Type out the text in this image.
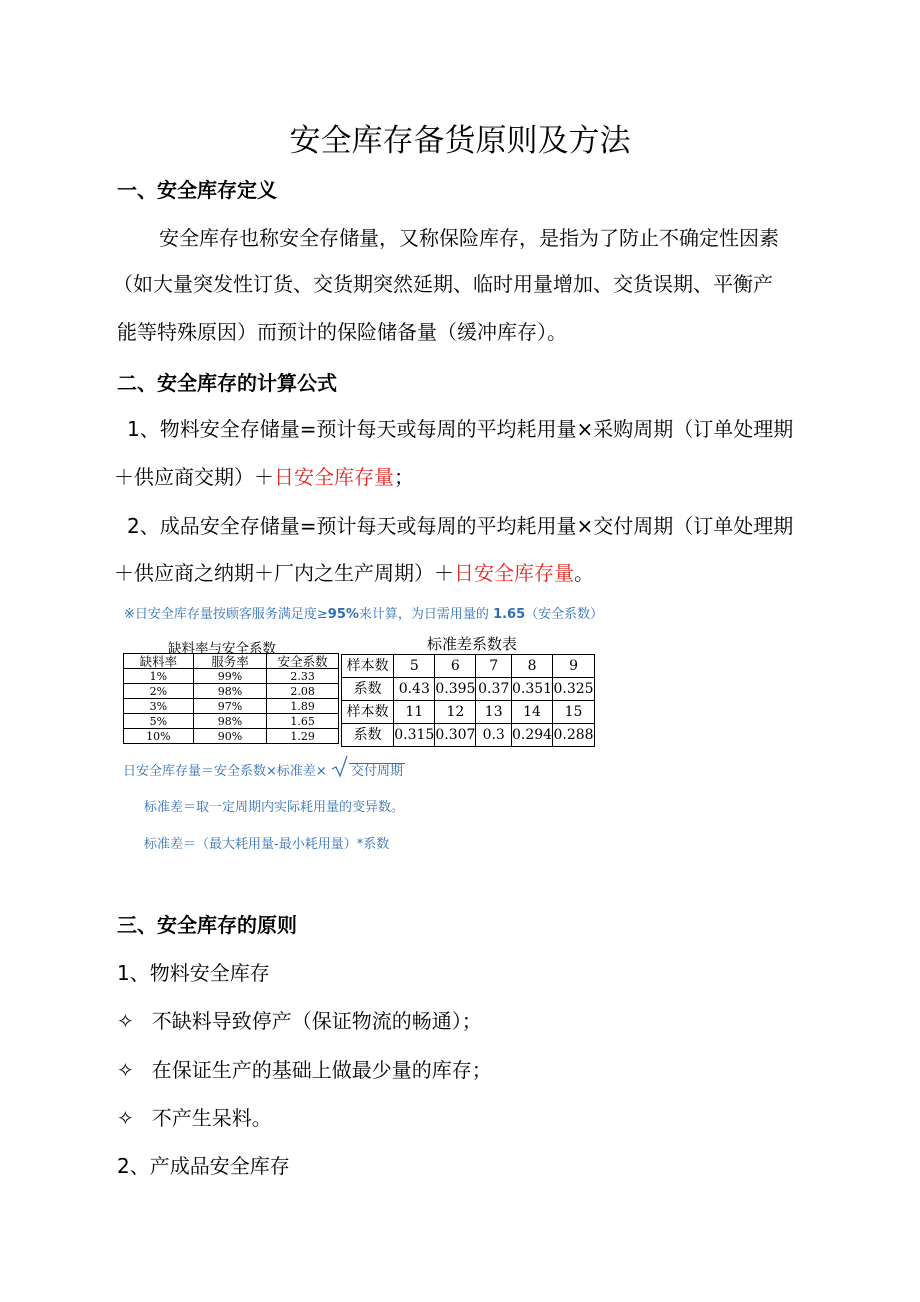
安全库存备货原则及方法
一、安全库存定义
安全库存也称安全存储量，又称保险库存，是指为了防止不确定性因素
（如大量突发性订货、交货期突然延期、临时用量增加、交货误期、平衡产
能等特殊原因）而预计的保险储备量（缓冲库存）。
二、安全库存的计算公式
1、物料安全存储量=预计每天或每周的平均耗用量×采购周期（订单处理期
＋供应商交期）＋日安全库存量；
2、成品安全存储量=预计每天或每周的平均耗用量×交付周期（订单处理期
＋供应商之纳期＋厂内之生产周期）＋日安全库存量。
※日安全库存量按顾客服务满足度≥95%来计算，为日需用量的 1.65（安全系数）
缺料率与安全系数
缺料率	服务率	安全系数
1%	99%	2.33
2%	98%	2.08
3%	97%	1.89
5%	98%	1.65
10%	90%	1.29
标准差系数表
样本数	5	6	7	8	9
系数	0.43	0.395	0.37	0.351	0.325
样本数	11	12	13	14	15
系数	0.315	0.307	0.3	0.294	0.288
日安全库存量＝安全系数×标准差× 交付周期
标准差＝取一定周期内实际耗用量的变异数。
标准差＝（最大耗用量-最小耗用量）*系数
三、安全库存的原则
1、物料安全库存
✧ 不缺料导致停产（保证物流的畅通）；
✧ 在保证生产的基础上做最少量的库存；
✧ 不产生呆料。
2、产成品安全库存
